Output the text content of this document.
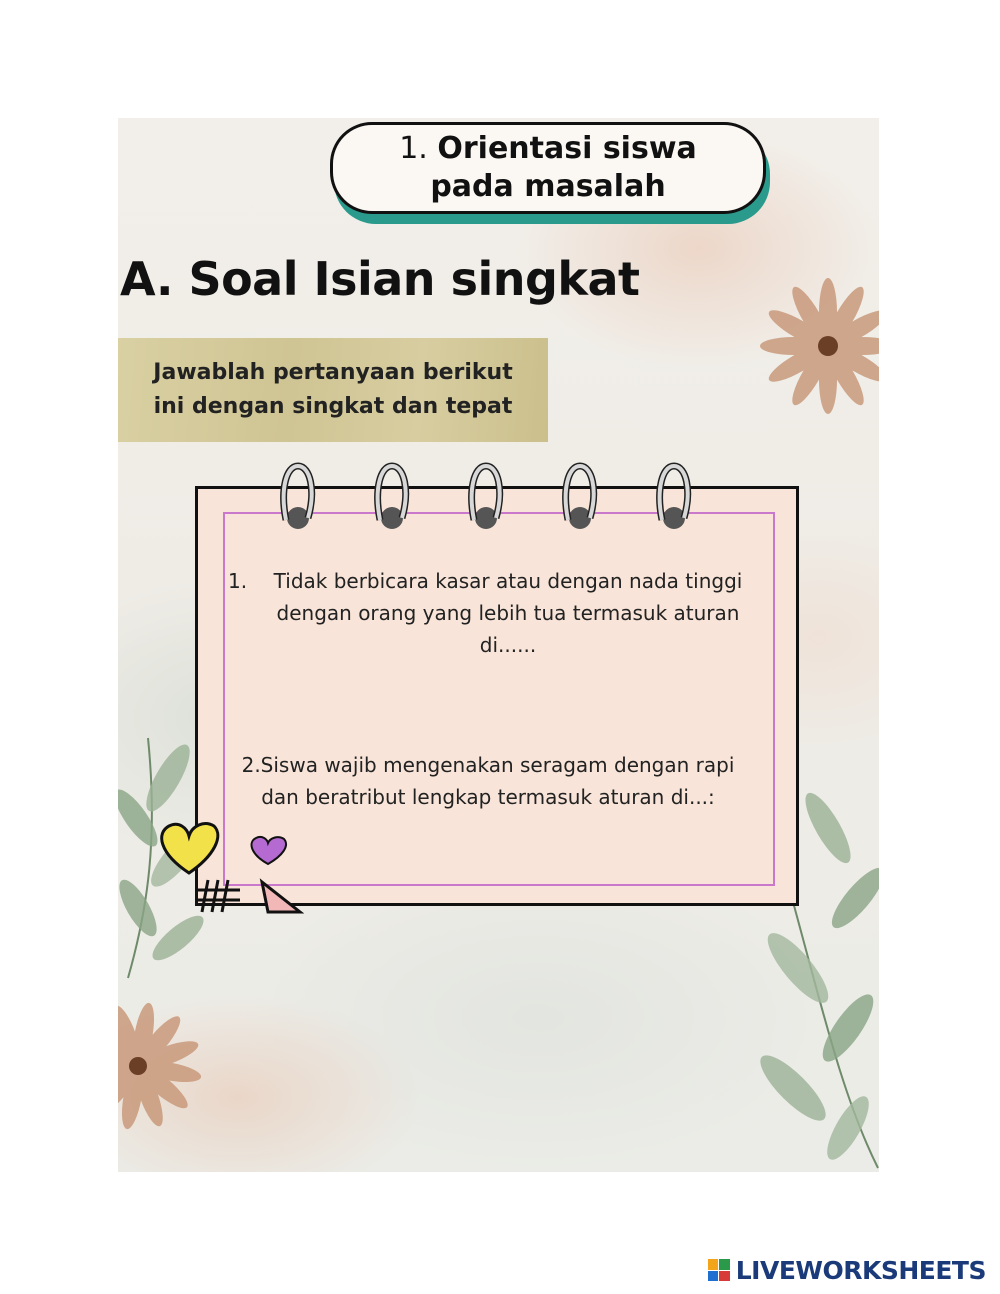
1. Orientasi siswa
pada masalah
A. Soal Isian singkat
Jawablah pertanyaan berikut ini dengan singkat dan tepat
1. Tidak berbicara kasar atau dengan nada tinggi dengan orang yang lebih tua termasuk aturan di......
2.Siswa wajib mengenakan seragam dengan rapi dan beratribut lengkap termasuk aturan di...:
LIVEWORKSHEETS
